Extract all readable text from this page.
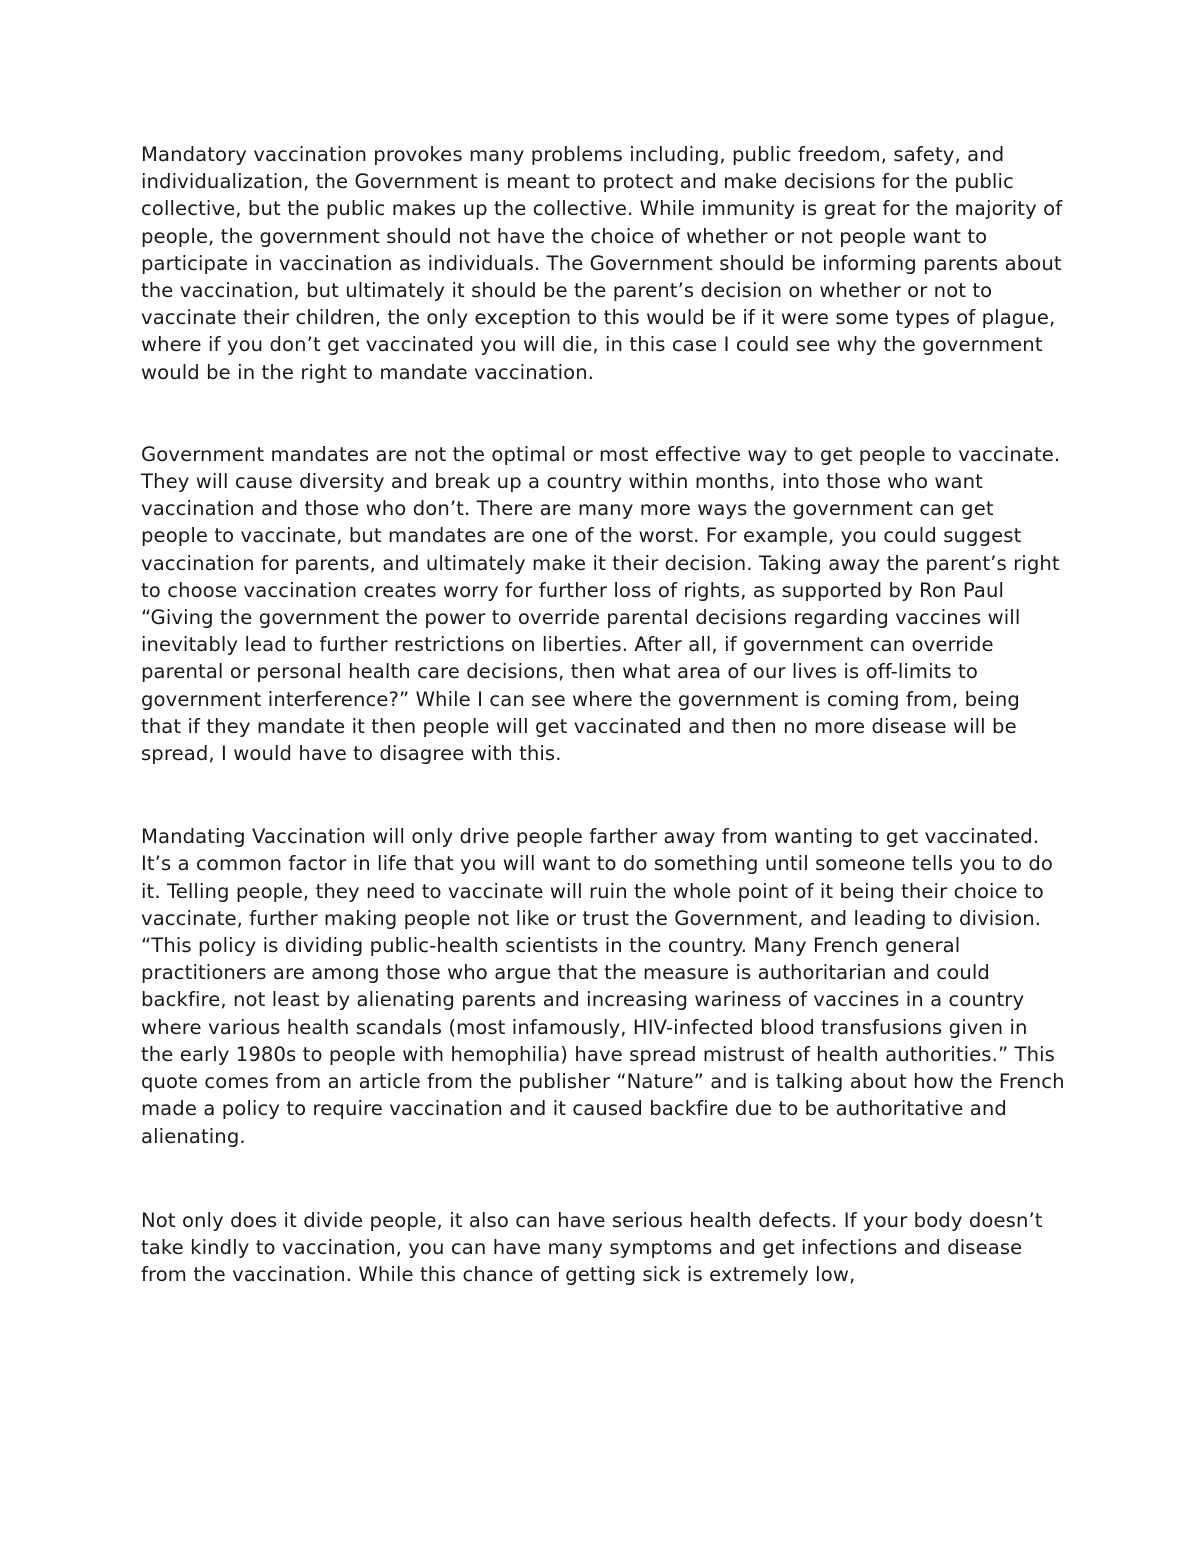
Mandatory vaccination provokes many problems including, public freedom, safety, and individualization, the Government is meant to protect and make decisions for the public collective, but the public makes up the collective. While immunity is great for the majority of people, the government should not have the choice of whether or not people want to participate in vaccination as individuals. The Government should be informing parents about the vaccination, but ultimately it should be the parent’s decision on whether or not to vaccinate their children, the only exception to this would be if it were some types of plague, where if you don’t get vaccinated you will die, in this case I could see why the government would be in the right to mandate vaccination.

Government mandates are not the optimal or most effective way to get people to vaccinate. They will cause diversity and break up a country within months, into those who want vaccination and those who don’t. There are many more ways the government can get people to vaccinate, but mandates are one of the worst. For example, you could suggest vaccination for parents, and ultimately make it their decision. Taking away the parent’s right to choose vaccination creates worry for further loss of rights, as supported by Ron Paul “Giving the government the power to override parental decisions regarding vaccines will inevitably lead to further restrictions on liberties. After all, if government can override parental or personal health care decisions, then what area of our lives is off-limits to government interference?” While I can see where the government is coming from, being that if they mandate it then people will get vaccinated and then no more disease will be spread, I would have to disagree with this.

Mandating Vaccination will only drive people farther away from wanting to get vaccinated. It’s a common factor in life that you will want to do something until someone tells you to do it. Telling people, they need to vaccinate will ruin the whole point of it being their choice to vaccinate, further making people not like or trust the Government, and leading to division. “This policy is dividing public-health scientists in the country. Many French general practitioners are among those who argue that the measure is authoritarian and could backfire, not least by alienating parents and increasing wariness of vaccines in a country where various health scandals (most infamously, HIV-infected blood transfusions given in the early 1980s to people with hemophilia) have spread mistrust of health authorities.” This quote comes from an article from the publisher “Nature” and is talking about how the French made a policy to require vaccination and it caused backfire due to be authoritative and alienating.

Not only does it divide people, it also can have serious health defects. If your body doesn’t take kindly to vaccination, you can have many symptoms and get infections and disease from the vaccination. While this chance of getting sick is extremely low,
